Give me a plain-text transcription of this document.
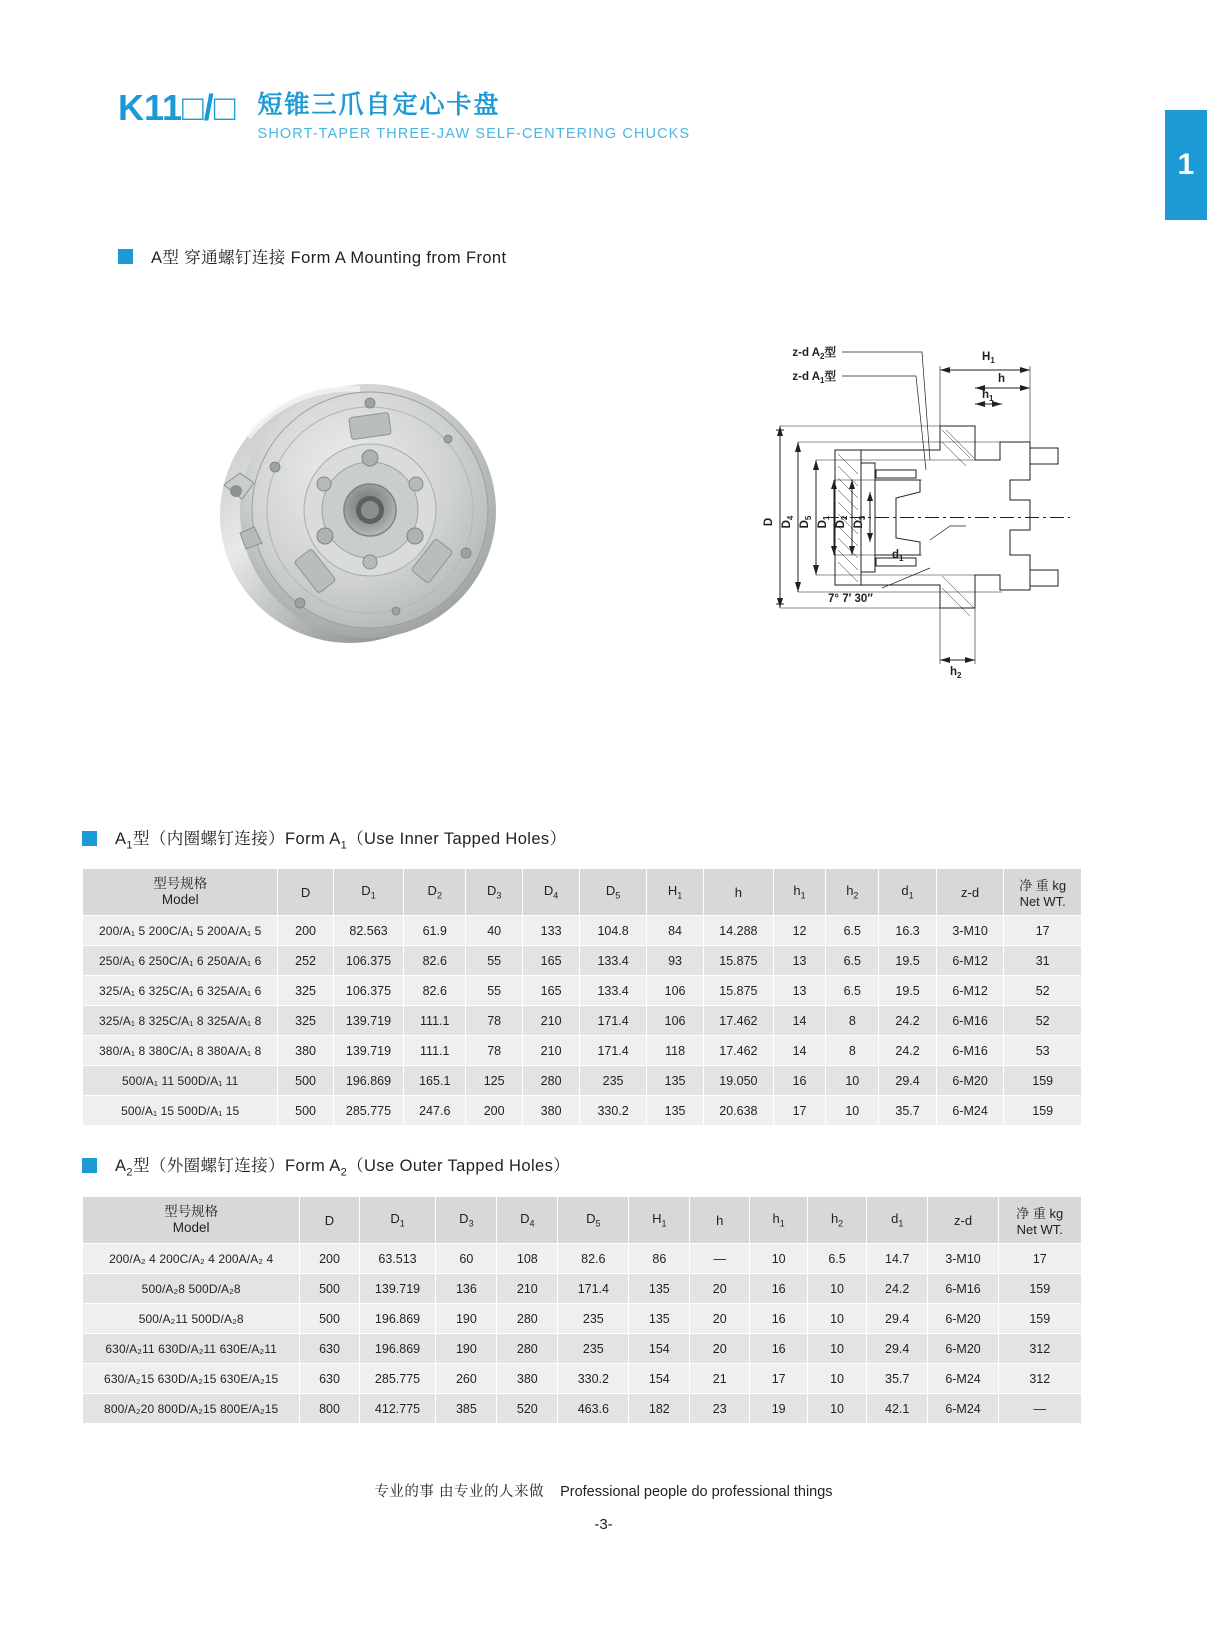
1
K11□/□ 短锥三爪自定心卡盘
SHORT-TAPER THREE-JAW SELF-CENTERING CHUCKS
A型 穿通螺钉连接 Form A Mounting from Front
z-d $A_2$型
z-d $A_1$型
$H_1$
h
$h_1$
$h_2$
$d_1$
7° 7′ 30″
D $D_4$
$D_5$
$D_1$
$D_2$
$D_3$
$A_1$型（内圈螺钉连接）Form $A_1(Use$ Inner Tapped Holes）
型号规格
Model	D	$D_1$	$D_2$	$D_3$	$D_4$	$D_5$	$H_1$	h	$h_1$	$h_2$	$d_1$	z-d	净 重 kg
Net WT.
200/A₁ 5 200C/A₁ 5 200A/A₁ 5	200	82.563	61.9	40	133	104.8	84	14.288	12	6.5	16.3	3-M10	17
250/A₁ 6 250C/A₁ 6 250A/A₁ 6	252	106.375	82.6	55	165	133.4	93	15.875	13	6.5	19.5	6-M12	31
325/A₁ 6 325C/A₁ 6 325A/A₁ 6	325	106.375	82.6	55	165	133.4	106	15.875	13	6.5	19.5	6-M12	52
325/A₁ 8 325C/A₁ 8 325A/A₁ 8	325	139.719	111.1	78	210	171.4	106	17.462	14	8	24.2	6-M16	52
380/A₁ 8 380C/A₁ 8 380A/A₁ 8	380	139.719	111.1	78	210	171.4	118	17.462	14	8	24.2	6-M16	53
500/A₁ 11 500D/A₁ 11	500	196.869	165.1	125	280	235	135	19.050	16	10	29.4	6-M20	159
500/A₁ 15 500D/A₁ 15	500	285.775	247.6	200	380	330.2	135	20.638	17	10	35.7	6-M24	159
$A_2$型（外圈螺钉连接）Form $A_2(Use$ Outer Tapped Holes）
型号规格
Model	D	$D_1$	$D_3$	$D_4$	$D_5$	$H_1$	h	$h_1$	$h_2$	$d_1$	z-d	净 重 kg
Net WT.
200/A₂ 4 200C/A₂ 4 200A/A₂ 4	200	63.513	60	108	82.6	86	—	10	6.5	14.7	3-M10	17
500/A₂8 500D/A₂8	500	139.719	136	210	171.4	135	20	16	10	24.2	6-M16	159
500/A₂11 500D/A₂8	500	196.869	190	280	235	135	20	16	10	29.4	6-M20	159
630/A₂11 630D/A₂11 630E/A₂11	630	196.869	190	280	235	154	20	16	10	29.4	6-M20	312
630/A₂15 630D/A₂15 630E/A₂15	630	285.775	260	380	330.2	154	21	17	10	35.7	6-M24	312
800/A₂20 800D/A₂15 800E/A₂15	800	412.775	385	520	463.6	182	23	19	10	42.1	6-M24	—
专业的事 由专业的人来做 Professional people do professional things
-3-
